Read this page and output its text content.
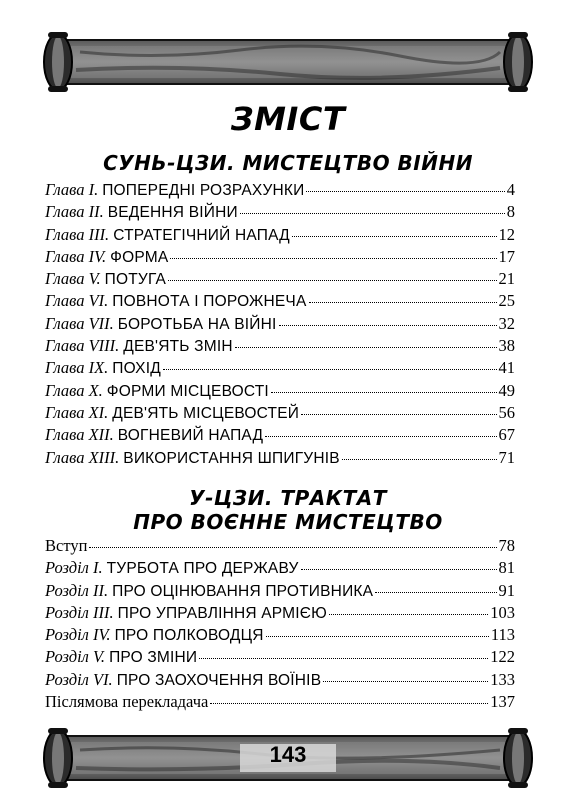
ЗМІСТ
СУНЬ-ЦЗИ. МИСТЕЦТВО ВІЙНИ
Глава I. ПОПЕРЕДНІ РОЗРАХУНКИ	4
Глава II. ВЕДЕННЯ ВІЙНИ	8
Глава III. СТРАТЕГІЧНИЙ НАПАД	12
Глава IV. ФОРМА	17
Глава V. ПОТУГА	21
Глава VI. ПОВНОТА І ПОРОЖНЕЧА	25
Глава VII. БОРОТЬБА НА ВІЙНІ	32
Глава VIII. ДЕВ'ЯТЬ ЗМІН	38
Глава IX. ПОХІД	41
Глава X. ФОРМИ МІСЦЕВОСТІ	49
Глава XI. ДЕВ'ЯТЬ МІСЦЕВОСТЕЙ	56
Глава XII. ВОГНЕВИЙ НАПАД	67
Глава XIII. ВИКОРИСТАННЯ ШПИГУНІВ	71
У-ЦЗИ. ТРАКТАТ
ПРО ВОЄННЕ МИСТЕЦТВО
Вступ	78
Розділ I. ТУРБОТА ПРО ДЕРЖАВУ	81
Розділ II. ПРО ОЦІНЮВАННЯ ПРОТИВНИКА	91
Розділ III. ПРО УПРАВЛІННЯ АРМІЄЮ	103
Розділ IV. ПРО ПОЛКОВОДЦЯ	113
Розділ V. ПРО ЗМІНИ	122
Розділ VI. ПРО ЗАОХОЧЕННЯ ВОЇНІВ	133
Післямова перекладача	137
143
